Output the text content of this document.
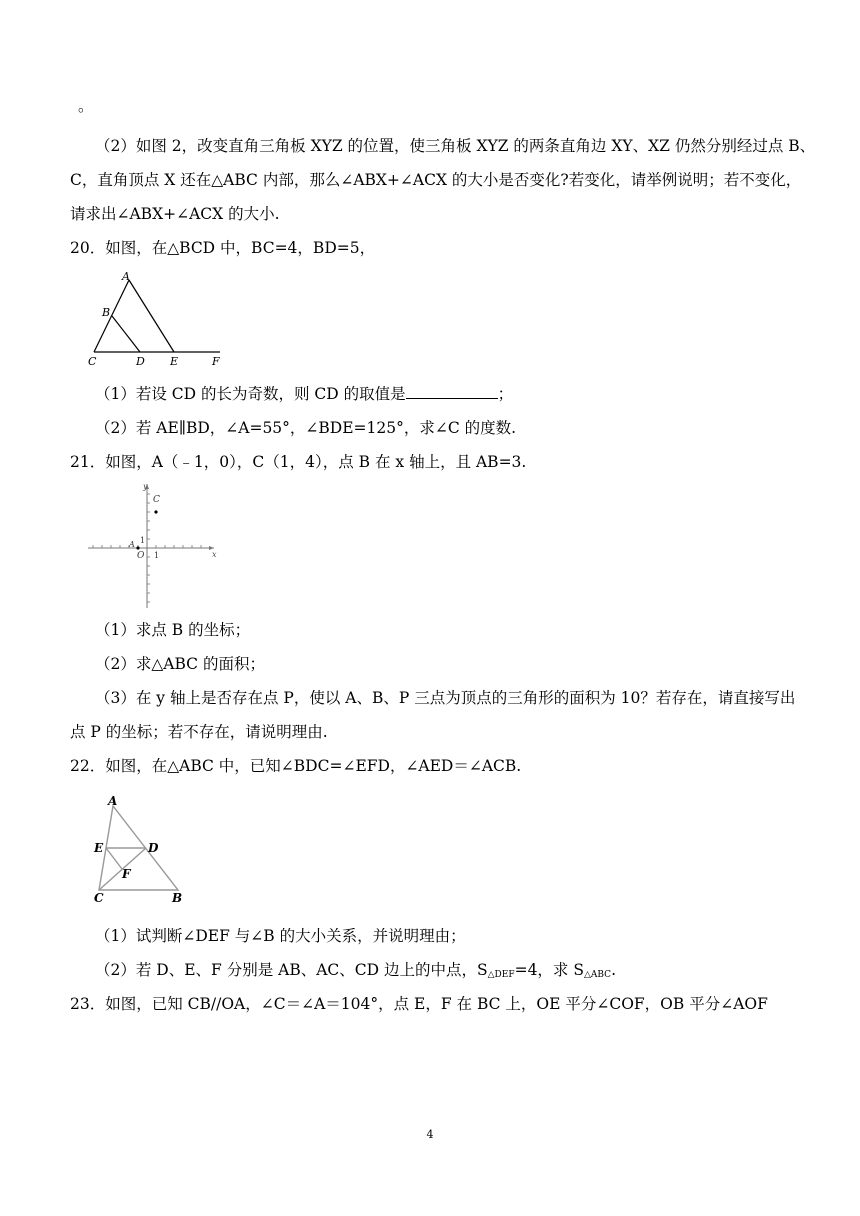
。
（2）如图 2，改变直角三角板 XYZ 的位置，使三角板 XYZ 的两条直角边 XY、XZ 仍然分别经过点 B、
C，直角顶点 X 还在△ABC 内部，那么∠ABX+∠ACX 的大小是否变化?若变化，请举例说明；若不变化，
请求出∠ABX+∠ACX 的大小.
20．如图，在△BCD 中，BC=4，BD=5，
A
B
C	D E	F
（1）若设 CD 的长为奇数，则 CD 的取值是	；
（2）若 AE∥BD，∠A=55°，∠BDE=125°，求∠C 的度数.
21．如图，A（﹣1，0），C（1，4），点 B 在 x 轴上，且 AB=3.
y
x
C
A
O
1
1
（1）求点 B 的坐标；
（2）求△ABC 的面积；
（3）在 y 轴上是否存在点 P，使以 A、B、P 三点为顶点的三角形的面积为 10？若存在，请直接写出
点 P 的坐标；若不存在，请说明理由.
22．如图，在△ABC 中，已知∠BDC=∠EFD，∠AED＝∠ACB.
A
E	D
F
C	B
（1）试判断∠DEF 与∠B 的大小关系，并说明理由；
（2）若 D、E、F 分别是 AB、AC、CD 边上的中点，$S_{\triangle DEF}=4$，求 $S_{\triangle ABC}$.
23．如图，已知 CB//OA，∠C＝∠A＝104°，点 E，F 在 BC 上，OE 平分∠COF，OB 平分∠AOF
4
